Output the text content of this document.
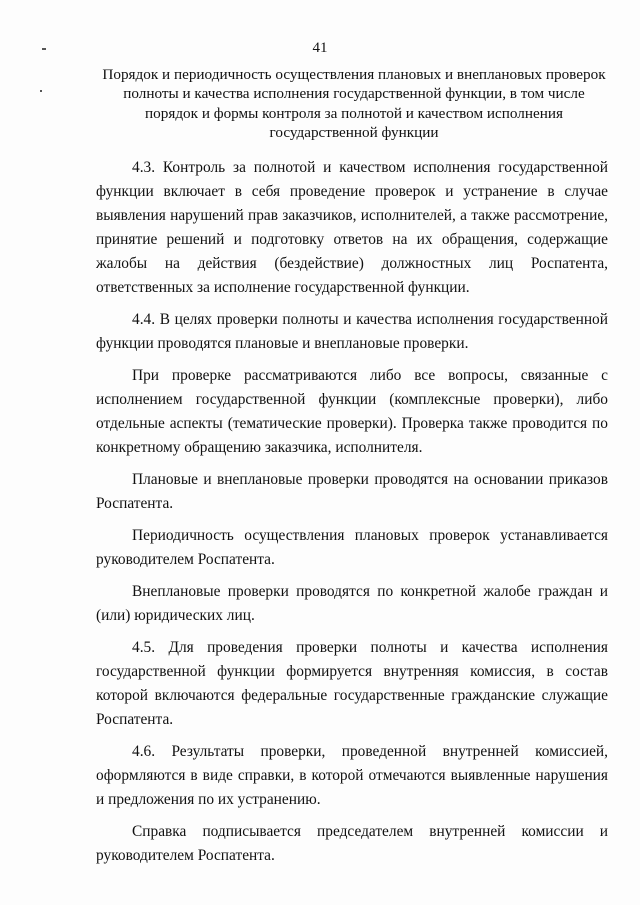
41
Порядок и периодичность осуществления плановых и внеплановых проверок полноты и качества исполнения государственной функции, в том числе порядок и формы контроля за полнотой и качеством исполнения государственной функции

4.3. Контроль за полнотой и качеством исполнения государственной функции включает в себя проведение проверок и устранение в случае выявления нарушений прав заказчиков, исполнителей, а также рассмотрение, принятие решений и подготовку ответов на их обращения, содержащие жалобы на действия (бездействие) должностных лиц Роспатента, ответственных за исполнение государственной функции.

4.4. В целях проверки полноты и качества исполнения государственной функции проводятся плановые и внеплановые проверки.

При проверке рассматриваются либо все вопросы, связанные с исполнением государственной функции (комплексные проверки), либо отдельные аспекты (тематические проверки). Проверка также проводится по конкретному обращению заказчика, исполнителя.

Плановые и внеплановые проверки проводятся на основании приказов Роспатента.

Периодичность осуществления плановых проверок устанавливается руководителем Роспатента.

Внеплановые проверки проводятся по конкретной жалобе граждан и (или) юридических лиц.

4.5. Для проведения проверки полноты и качества исполнения государственной функции формируется внутренняя комиссия, в состав которой включаются федеральные государственные гражданские служащие Роспатента.

4.6. Результаты проверки, проведенной внутренней комиссией, оформляются в виде справки, в которой отмечаются выявленные нарушения и предложения по их устранению.

Справка подписывается председателем внутренней комиссии и руководителем Роспатента.
